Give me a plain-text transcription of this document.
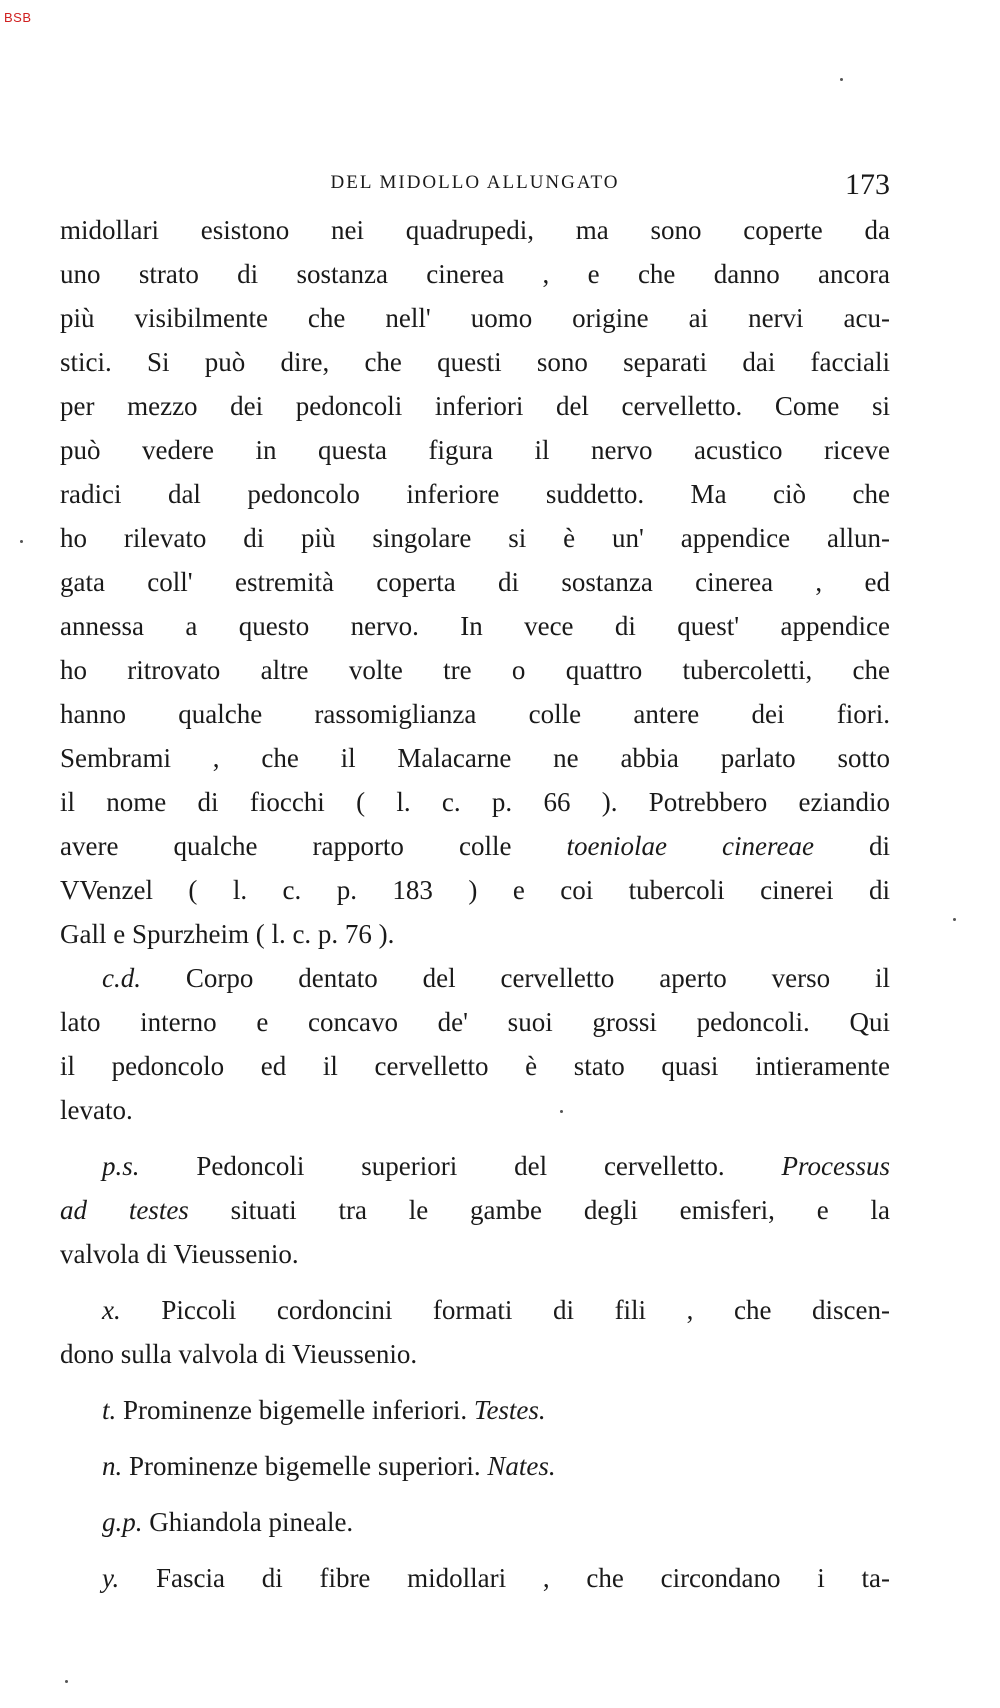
BSB
DEL MIDOLLO ALLUNGATO	173
midollari esistono nei quadrupedi, ma sono coperte da
uno strato di sostanza cinerea , e che danno ancora
più visibilmente che nell' uomo origine ai nervi acu-
stici. Si può dire, che questi sono separati dai facciali
per mezzo dei pedoncoli inferiori del cervelletto. Come si
può vedere in questa figura il nervo acustico riceve
radici dal pedoncolo inferiore suddetto. Ma ciò che
ho rilevato di più singolare si è un' appendice allun-
gata coll' estremità coperta di sostanza cinerea , ed
annessa a questo nervo. In vece di quest' appendice
ho ritrovato altre volte tre o quattro tubercoletti, che
hanno qualche rassomiglianza colle antere dei fiori.
Sembrami , che il Malacarne ne abbia parlato sotto
il nome di fiocchi ( l. c. p. 66 ). Potrebbero eziandio
avere qualche rapporto colle toeniolae cinereae di
VVenzel ( l. c. p. 183 ) e coi tubercoli cinerei di
Gall e Spurzheim ( l. c. p. 76 ).
c.d. Corpo dentato del cervelletto aperto verso il
lato interno e concavo de' suoi grossi pedoncoli. Qui
il pedoncolo ed il cervelletto è stato quasi intieramente
levato.
p.s. Pedoncoli superiori del cervelletto. Processus
ad testes situati tra le gambe degli emisferi, e la
valvola di Vieussenio.
x. Piccoli cordoncini formati di fili , che discen-
dono sulla valvola di Vieussenio.
t. Prominenze bigemelle inferiori. Testes.
n. Prominenze bigemelle superiori. Nates.
g.p. Ghiandola pineale.
y. Fascia di fibre midollari , che circondano i ta-
